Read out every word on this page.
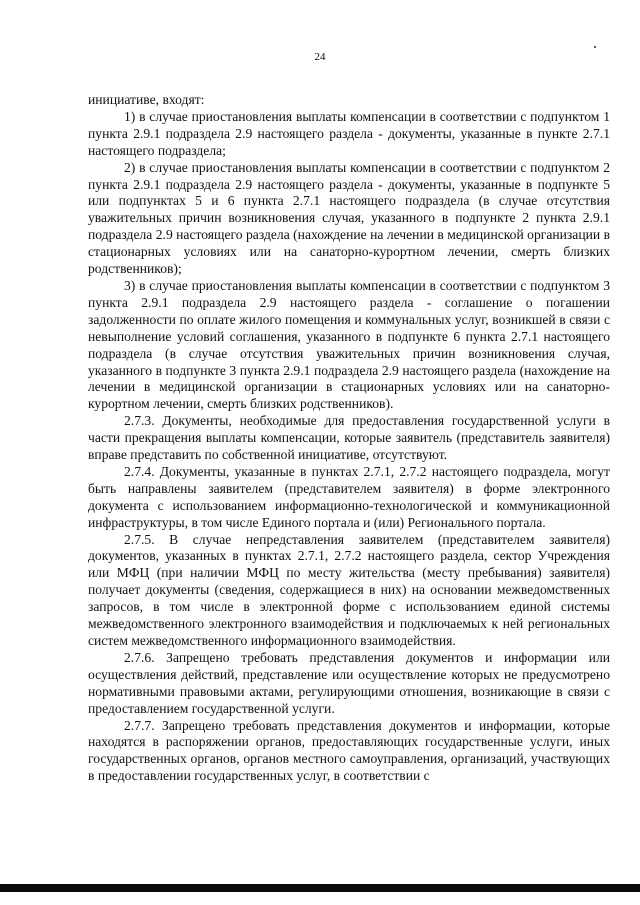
24

инициативе, входят:

1) в случае приостановления выплаты компенсации в соответствии с подпунктом 1 пункта 2.9.1 подраздела 2.9 настоящего раздела - документы, указанные в пункте 2.7.1 настоящего подраздела;

2) в случае приостановления выплаты компенсации в соответствии с подпунктом 2 пункта 2.9.1 подраздела 2.9 настоящего раздела - документы, указанные в подпункте 5 или подпунктах 5 и 6 пункта 2.7.1 настоящего подраздела (в случае отсутствия уважительных причин возникновения случая, указанного в подпункте 2 пункта 2.9.1 подраздела 2.9 настоящего раздела (нахождение на лечении в медицинской организации в стационарных условиях или на санаторно-курортном лечении, смерть близких родственников);

3) в случае приостановления выплаты компенсации в соответствии с подпунктом 3 пункта 2.9.1 подраздела 2.9 настоящего раздела - соглашение о погашении задолженности по оплате жилого помещения и коммунальных услуг, возникшей в связи с невыполнение условий соглашения, указанного в подпункте 6 пункта 2.7.1 настоящего подраздела (в случае отсутствия уважительных причин возникновения случая, указанного в подпункте 3 пункта 2.9.1 подраздела 2.9 настоящего раздела (нахождение на лечении в медицинской организации в стационарных условиях или на санаторно-курортном лечении, смерть близких родственников).

2.7.3. Документы, необходимые для предоставления государственной услуги в части прекращения выплаты компенсации, которые заявитель (представитель заявителя) вправе представить по собственной инициативе, отсутствуют.

2.7.4. Документы, указанные в пунктах 2.7.1, 2.7.2 настоящего подраздела, могут быть направлены заявителем (представителем заявителя) в форме электронного документа с использованием информационно-технологической и коммуникационной инфраструктуры, в том числе Единого портала и (или) Регионального портала.

2.7.5. В случае непредставления заявителем (представителем заявителя) документов, указанных в пунктах 2.7.1, 2.7.2 настоящего раздела, сектор Учреждения или МФЦ (при наличии МФЦ по месту жительства (месту пребывания) заявителя) получает документы (сведения, содержащиеся в них) на основании межведомственных запросов, в том числе в электронной форме с использованием единой системы межведомственного электронного взаимодействия и подключаемых к ней региональных систем межведомственного информационного взаимодействия.

2.7.6. Запрещено требовать представления документов и информации или осуществления действий, представление или осуществление которых не предусмотрено нормативными правовыми актами, регулирующими отношения, возникающие в связи с предоставлением государственной услуги.

2.7.7. Запрещено требовать представления документов и информации, которые находятся в распоряжении органов, предоставляющих государственные услуги, иных государственных органов, органов местного самоуправления, организаций, участвующих в предоставлении государственных услуг, в соответствии с
